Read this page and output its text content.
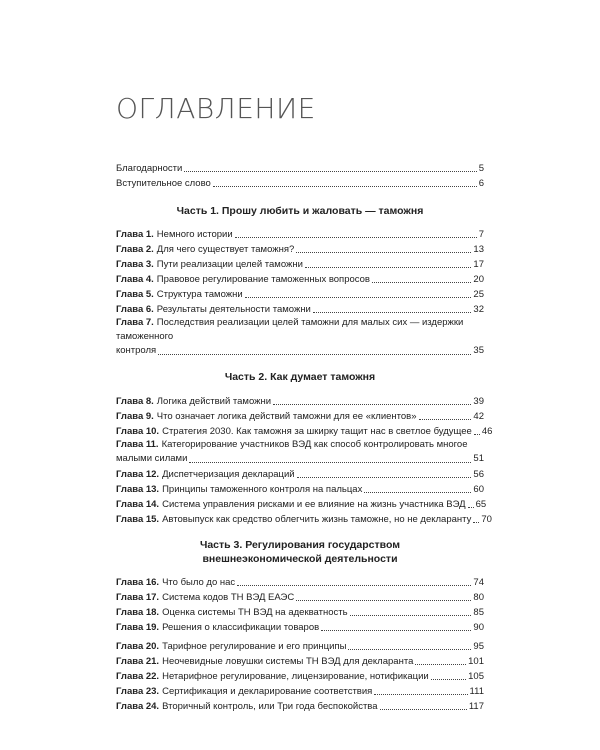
ОГЛАВЛЕНИЕ
Благодарности	5
Вступительное слово	6
Часть 1. Прошу любить и жаловать — таможня
Глава 1. Немного истории	7
Глава 2. Для чего существует таможня?	13
Глава 3. Пути реализации целей таможни	17
Глава 4. Правовое регулирование таможенных вопросов	20
Глава 5. Структура таможни	25
Глава 6. Результаты деятельности таможни	32
Глава 7. Последствия реализации целей таможни для малых сих — издержки таможенного
контроля	35
Часть 2. Как думает таможня
Глава 8. Логика действий таможни	39
Глава 9. Что означает логика действий таможни для ее «клиентов»	42
Глава 10. Стратегия 2030. Как таможня за шкирку тащит нас в светлое будущее 46
Глава 11. Категорирование участников ВЭД как способ контролировать многое
малыми силами	51
Глава 12. Диспетчеризация деклараций	56
Глава 13. Принципы таможенного контроля на пальцах	60
Глава 14. Система управления рисками и ее влияние на жизнь участника ВЭД 65
Глава 15. Автовыпуск как средство облегчить жизнь таможне, но не декларанту 70
Часть 3. Регулирования государством
внешнеэкономической деятельности
Глава 16. Что было до нас	74
Глава 17. Система кодов ТН ВЭД ЕАЭС	80
Глава 18. Оценка системы ТН ВЭД на адекватность	85
Глава 19. Решения о классификации товаров	90
Глава 20. Тарифное регулирование и его принципы	95
Глава 21. Неочевидные ловушки системы ТН ВЭД для декларанта	101
Глава 22. Нетарифное регулирование, лицензирование, нотификации	105
Глава 23. Сертификация и декларирование соответствия	111
Глава 24. Вторичный контроль, или Три года беспокойства	117
